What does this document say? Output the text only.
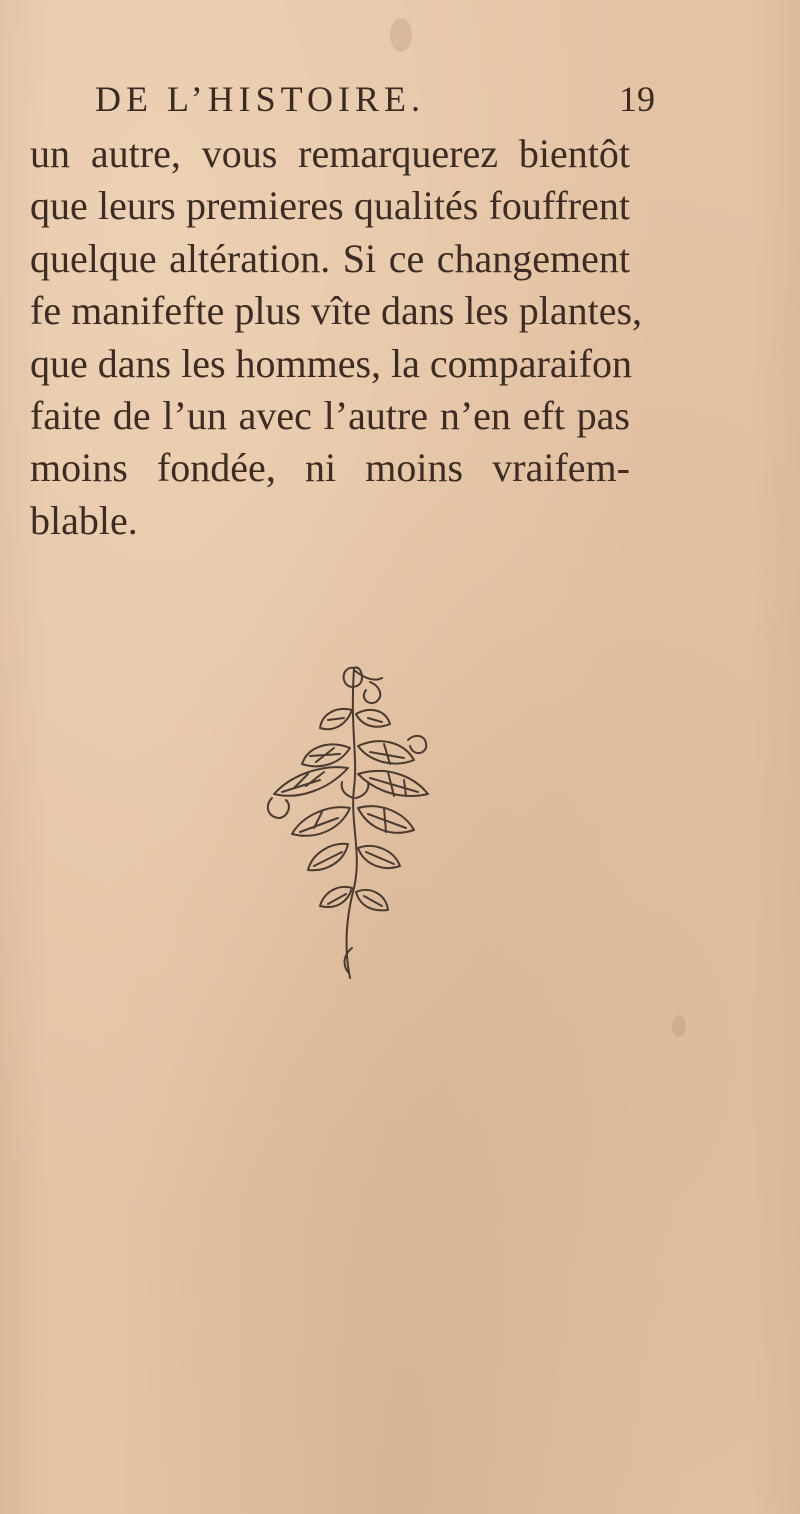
DE L’HISTOIRE.	19
un autre, vous remarquerez bientôt
que leurs premieres qualités fouffrent
quelque altération. Si ce changement
fe manifefte plus vîte dans les plantes,
que dans les hommes, la comparaifon
faite de l’un avec l’autre n’en eft pas
moins fondée, ni moins vraifem-
blable.
